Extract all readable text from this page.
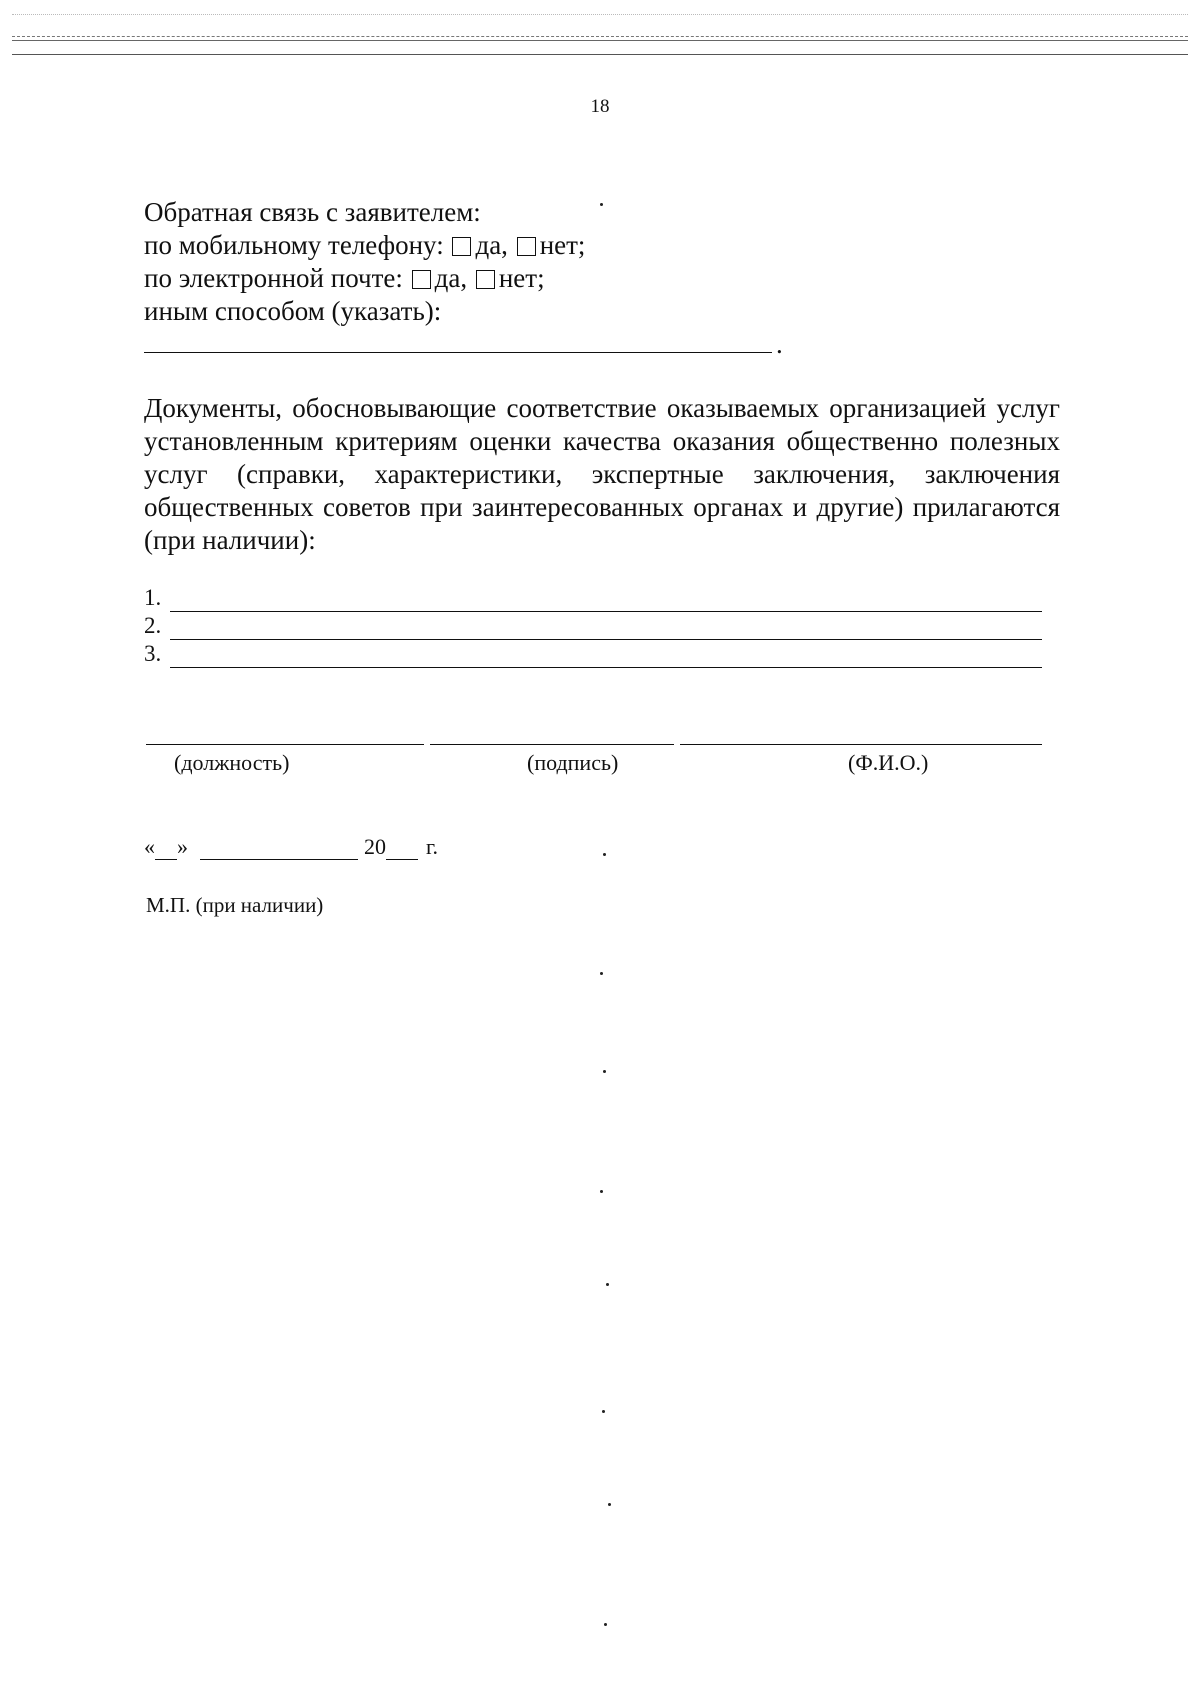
18
Обратная связь с заявителем:
по мобильному телефону: да, нет;
по электронной почте: да, нет;
иным способом (указать):
.

Документы, обосновывающие соответствие оказываемых организацией услуг установленным критериям оценки качества оказания общественно полезных услуг (справки, характеристики, экспертные заключения, заключения общественных советов при заинтересованных органах и другие) прилагаются (при наличии):

1.
2.
3.
(должность)	(подпись)	(Ф.И.О.)
« »	20 г.
М.П. (при наличии)
